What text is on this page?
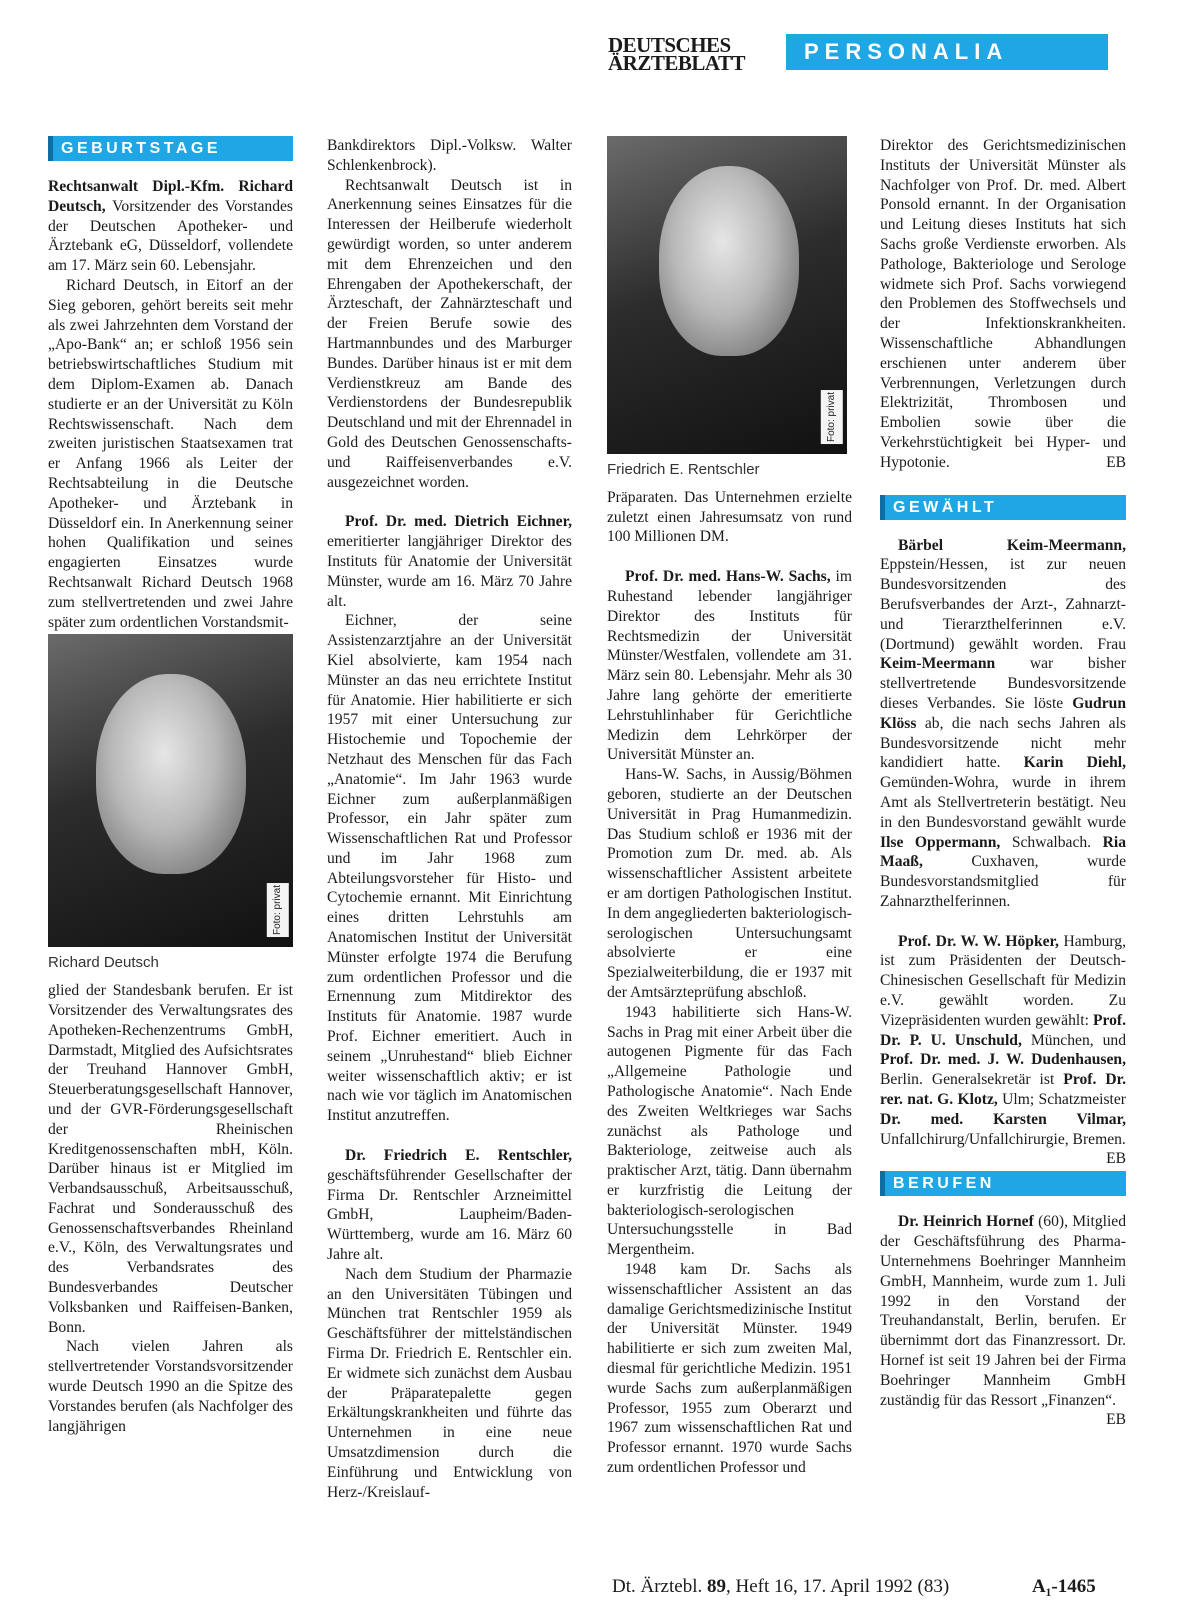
DEUTSCHES
ÄRZTEBLATT	PERSONALIA
GEBURTSTAGE

Rechtsanwalt Dipl.-Kfm. Richard Deutsch, Vorsitzender des Vorstandes der Deutschen Apotheker- und Ärztebank eG, Düsseldorf, vollendete am 17. März sein 60. Lebensjahr.

Richard Deutsch, in Eitorf an der Sieg geboren, gehört bereits seit mehr als zwei Jahrzehnten dem Vorstand der „Apo-Bank“ an; er schloß 1956 sein betriebswirtschaftliches Studium mit dem Diplom-Examen ab. Danach studierte er an der Universität zu Köln Rechtswissenschaft. Nach dem zweiten juristischen Staatsexamen trat er Anfang 1966 als Leiter der Rechtsabteilung in die Deutsche Apotheker- und Ärztebank in Düsseldorf ein. In Anerkennung seiner hohen Qualifikation und seines engagierten Einsatzes wurde Rechtsanwalt Richard Deutsch 1968 zum stellvertretenden und zwei Jahre später zum ordentlichen Vorstandsmit-

Foto: privat
Richard Deutsch

glied der Standesbank berufen. Er ist Vorsitzender des Verwaltungsrates des Apotheken-Rechenzentrums GmbH, Darmstadt, Mitglied des Aufsichtsrates der Treuhand Hannover GmbH, Steuerberatungsgesellschaft Hannover, und der GVR-Förderungsgesellschaft der Rheinischen Kreditgenossenschaften mbH, Köln. Darüber hinaus ist er Mitglied im Verbandsausschuß, Arbeitsausschuß, Fachrat und Sonderausschuß des Genossenschaftsverbandes Rheinland e.V., Köln, des Verwaltungsrates und des Verbandsrates des Bundesverbandes Deutscher Volksbanken und Raiffeisen-Banken, Bonn.

Nach vielen Jahren als stellvertretender Vorstandsvorsitzender wurde Deutsch 1990 an die Spitze des Vorstandes berufen (als Nachfolger des langjährigen

Bankdirektors Dipl.-Volksw. Walter Schlenkenbrock).

Rechtsanwalt Deutsch ist in Anerkennung seines Einsatzes für die Interessen der Heilberufe wiederholt gewürdigt worden, so unter anderem mit dem Ehrenzeichen und den Ehrengaben der Apothekerschaft, der Ärzteschaft, der Zahnärzteschaft und der Freien Berufe sowie des Hartmannbundes und des Marburger Bundes. Darüber hinaus ist er mit dem Verdienstkreuz am Bande des Verdienstordens der Bundesrepublik Deutschland und mit der Ehrennadel in Gold des Deutschen Genossenschafts- und Raiffeisenverbandes e.V. ausgezeichnet worden.

Prof. Dr. med. Dietrich Eichner, emeritierter langjähriger Direktor des Instituts für Anatomie der Universität Münster, wurde am 16. März 70 Jahre alt.

Eichner, der seine Assistenzarztjahre an der Universität Kiel absolvierte, kam 1954 nach Münster an das neu errichtete Institut für Anatomie. Hier habilitierte er sich 1957 mit einer Untersuchung zur Histochemie und Topochemie der Netzhaut des Menschen für das Fach „Anatomie“. Im Jahr 1963 wurde Eichner zum außerplanmäßigen Professor, ein Jahr später zum Wissenschaftlichen Rat und Professor und im Jahr 1968 zum Abteilungsvorsteher für Histo- und Cytochemie ernannt. Mit Einrichtung eines dritten Lehrstuhls am Anatomischen Institut der Universität Münster erfolgte 1974 die Berufung zum ordentlichen Professor und die Ernennung zum Mitdirektor des Instituts für Anatomie. 1987 wurde Prof. Eichner emeritiert. Auch in seinem „Unruhestand“ blieb Eichner weiter wissenschaftlich aktiv; er ist nach wie vor täglich im Anatomischen Institut anzutreffen.

Dr. Friedrich E. Rentschler, geschäftsführender Gesellschafter der Firma Dr. Rentschler Arzneimittel GmbH, Laupheim/Baden-Württemberg, wurde am 16. März 60 Jahre alt.

Nach dem Studium der Pharmazie an den Universitäten Tübingen und München trat Rentschler 1959 als Geschäftsführer der mittelständischen Firma Dr. Friedrich E. Rentschler ein. Er widmete sich zunächst dem Ausbau der Präparatepalette gegen Erkältungskrankheiten und führte das Unternehmen in eine neue Umsatzdimension durch die Einführung und Entwicklung von Herz-/Kreislauf-

Foto: privat
Friedrich E. Rentschler

Präparaten. Das Unternehmen erzielte zuletzt einen Jahresumsatz von rund 100 Millionen DM.

Prof. Dr. med. Hans-W. Sachs, im Ruhestand lebender langjähriger Direktor des Instituts für Rechtsmedizin der Universität Münster/Westfalen, vollendete am 31. März sein 80. Lebensjahr. Mehr als 30 Jahre lang gehörte der emeritierte Lehrstuhlinhaber für Gerichtliche Medizin dem Lehrkörper der Universität Münster an.

Hans-W. Sachs, in Aussig/Böhmen geboren, studierte an der Deutschen Universität in Prag Humanmedizin. Das Studium schloß er 1936 mit der Promotion zum Dr. med. ab. Als wissenschaftlicher Assistent arbeitete er am dortigen Pathologischen Institut. In dem angegliederten bakteriologisch-serologischen Untersuchungsamt absolvierte er eine Spezialweiterbildung, die er 1937 mit der Amtsärzteprüfung abschloß.

1943 habilitierte sich Hans-W. Sachs in Prag mit einer Arbeit über die autogenen Pigmente für das Fach „Allgemeine Pathologie und Pathologische Anatomie“. Nach Ende des Zweiten Weltkrieges war Sachs zunächst als Pathologe und Bakteriologe, zeitweise auch als praktischer Arzt, tätig. Dann übernahm er kurzfristig die Leitung der bakteriologisch-serologischen Untersuchungsstelle in Bad Mergentheim.

1948 kam Dr. Sachs als wissenschaftlicher Assistent an das damalige Gerichtsmedizinische Institut der Universität Münster. 1949 habilitierte er sich zum zweiten Mal, diesmal für gerichtliche Medizin. 1951 wurde Sachs zum außerplanmäßigen Professor, 1955 zum Oberarzt und 1967 zum wissenschaftlichen Rat und Professor ernannt. 1970 wurde Sachs zum ordentlichen Professor und

Direktor des Gerichtsmedizinischen Instituts der Universität Münster als Nachfolger von Prof. Dr. med. Albert Ponsold ernannt. In der Organisation und Leitung dieses Instituts hat sich Sachs große Verdienste erworben. Als Pathologe, Bakteriologe und Serologe widmete sich Prof. Sachs vorwiegend den Problemen des Stoffwechsels und der Infektionskrankheiten. Wissenschaftliche Abhandlungen erschienen unter anderem über Verbrennungen, Verletzungen durch Elektrizität, Thrombosen und Embolien sowie über die Verkehrstüchtigkeit bei Hyper- und Hypotonie.	EB

GEWÄHLT

Bärbel Keim-Meermann, Eppstein/Hessen, ist zur neuen Bundesvorsitzenden des Berufsverbandes der Arzt-, Zahnarzt- und Tierarzthelferinnen e.V. (Dortmund) gewählt worden. Frau Keim-Meermann war bisher stellvertretende Bundesvorsitzende dieses Verbandes. Sie löste Gudrun Klöss ab, die nach sechs Jahren als Bundesvorsitzende nicht mehr kandidiert hatte. Karin Diehl, Gemünden-Wohra, wurde in ihrem Amt als Stellvertreterin bestätigt. Neu in den Bundesvorstand gewählt wurde Ilse Oppermann, Schwalbach. Ria Maaß, Cuxhaven, wurde Bundesvorstandsmitglied für Zahnarzthelferinnen.

Prof. Dr. W. W. Höpker, Hamburg, ist zum Präsidenten der Deutsch-Chinesischen Gesellschaft für Medizin e.V. gewählt worden. Zu Vizepräsidenten wurden gewählt: Prof. Dr. P. U. Unschuld, München, und Prof. Dr. med. J. W. Dudenhausen, Berlin. Generalsekretär ist Prof. Dr. rer. nat. G. Klotz, Ulm; Schatzmeister Dr. med. Karsten Vilmar, Unfallchirurg/Unfallchirurgie, Bremen.
EB

BERUFEN

Dr. Heinrich Hornef (60), Mitglied der Geschäftsführung des Pharma-Unternehmens Boehringer Mannheim GmbH, Mannheim, wurde zum 1. Juli 1992 in den Vorstand der Treuhandanstalt, Berlin, berufen. Er übernimmt dort das Finanzressort. Dr. Hornef ist seit 19 Jahren bei der Firma Boehringer Mannheim GmbH zuständig für das Ressort „Finanzen“.
EB

Dt. Ärztebl. 89, Heft 16, 17. April 1992 (83)	A₁-1465
